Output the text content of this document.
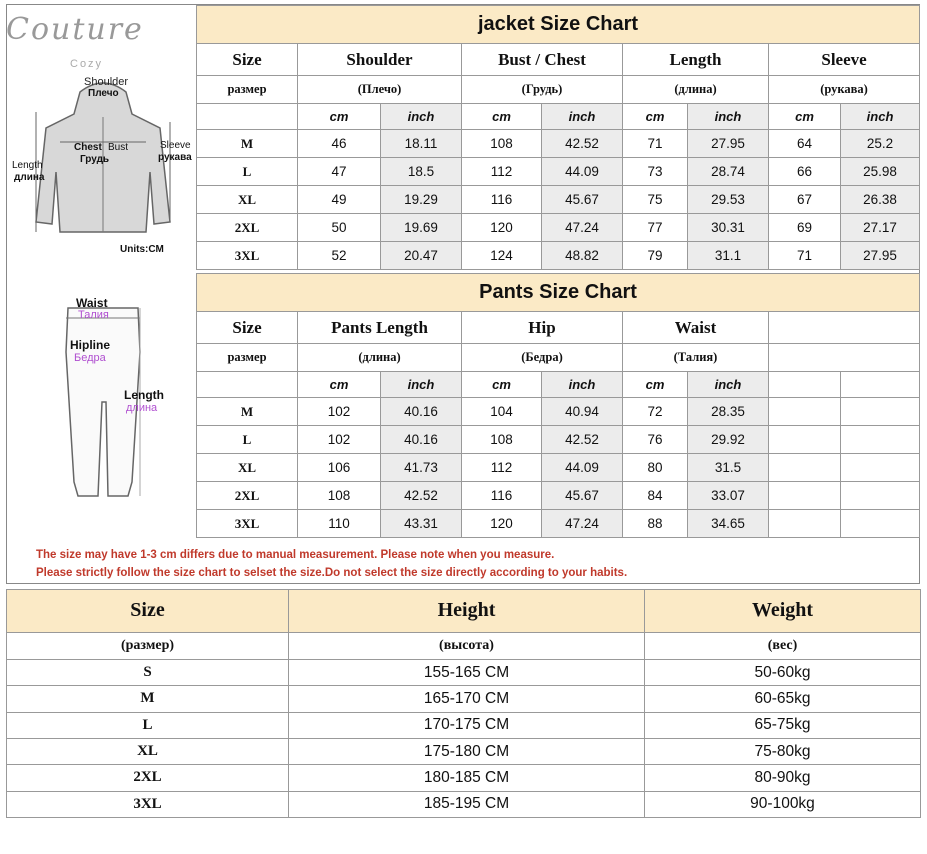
Couture
Cozy
Shoulder
Плечо
Chest Bust
Грудь
Sleeve
рукава
Length
длина
Units:CM
Waist
Талия
Hipline
Бедра
Length
длина
jacket Size Chart								
Size	Shoulder		Bust / Chest		Length		Sleeve	
размер	(Плечо)		(Грудь)		(длина)		(рукава)	
	cm	inch	cm	inch	cm	inch	cm	inch
M	46	18.11	108	42.52	71	27.95	64	25.2
L	47	18.5	112	44.09	73	28.74	66	25.98
XL	49	19.29	116	45.67	75	29.53	67	26.38
2XL	50	19.69	120	47.24	77	30.31	69	27.17
3XL	52	20.47	124	48.82	79	31.1	71	27.95
Pants Size Chart								
Size	Pants Length		Hip		Waist			
размер	(длина)		(Бедра)		(Талия)			
	cm	inch	cm	inch	cm	inch		
M	102	40.16	104	40.94	72	28.35		
L	102	40.16	108	42.52	76	29.92		
XL	106	41.73	112	44.09	80	31.5		
2XL	108	42.52	116	45.67	84	33.07		
3XL	110	43.31	120	47.24	88	34.65		
The size may have 1-3 cm differs due to manual measurement. Please note when you measure.
Please strictly follow the size chart to selset the size.Do not select the size directly according to your habits.
Size	Height	Weight
(размер)	(высота)	(вес)
S	155-165 CM	50-60kg
M	165-170 CM	60-65kg
L	170-175 CM	65-75kg
XL	175-180 CM	75-80kg
2XL	180-185 CM	80-90kg
3XL	185-195 CM	90-100kg
